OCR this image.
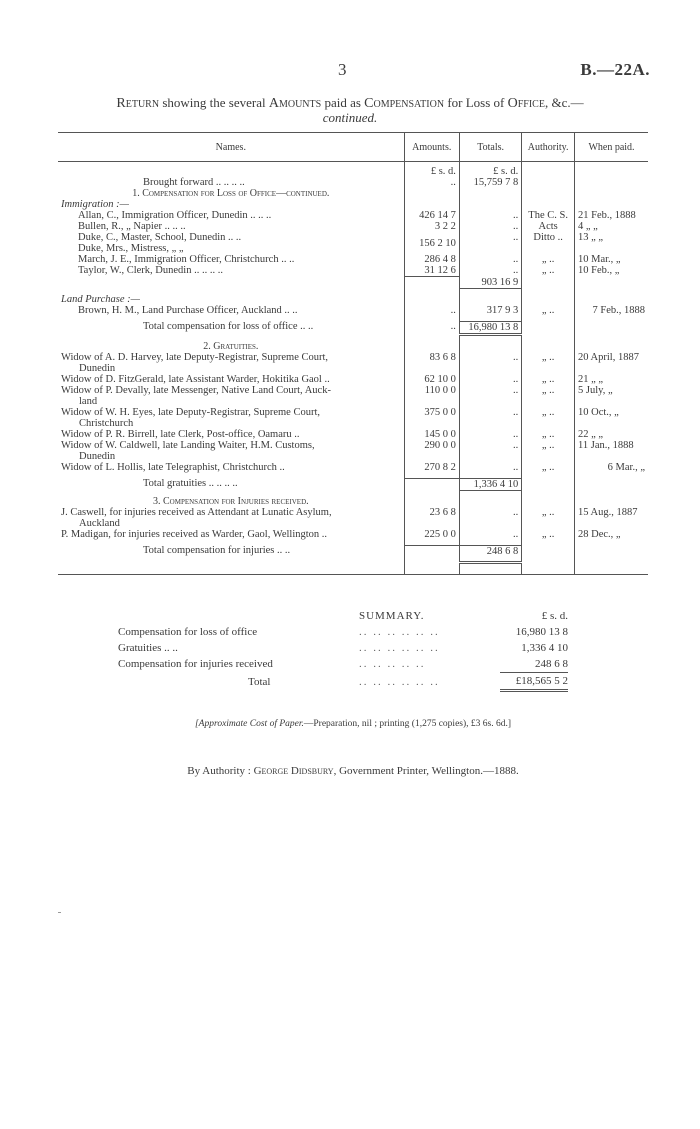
3	B.—22A.
Return showing the several Amounts paid as Compensation for Loss of Office, &c.—
continued.
Names.	Amounts.	Totals.	Authority.	When paid.
	£ s. d.	£ s. d.		
Brought forward .. .. .. ..	..	15,759 7 8		
1. Compensation for Loss of Office—continued.				
Immigration :—				
Allan, C., Immigration Officer, Dunedin .. .. ..	426 14 7	..	The C. S.	21 Feb., 1888
Bullen, R., „ Napier .. .. ..	3 2 2	..	Acts	4 „ „
Duke, C., Master, School, Dunedin .. ..	156 2 10	..	Ditto ..	13 „ „
Duke, Mrs., Mistress, „ „				
March, J. E., Immigration Officer, Christchurch .. ..	286 4 8	..	„ ..	10 Mar., „
Taylor, W., Clerk, Dunedin .. .. .. ..	31 12 6	..	„ ..	10 Feb., „
		903 16 9		

Land Purchase :—				
Brown, H. M., Land Purchase Officer, Auckland .. ..	..	317 9 3	„ ..	7 Feb., 1888

Total compensation for loss of office .. ..	..	16,980 13 8		

2. Gratuities.				
Widow of A. D. Harvey, late Deputy-Registrar, Supreme Court,
Dunedin	83 6 8	..	„ ..	20 April, 1887
Widow of D. FitzGerald, late Assistant Warder, Hokitika Gaol ..	62 10 0	..	„ ..	21 „ „
Widow of P. Devally, late Messenger, Native Land Court, Auck-
land	110 0 0	..	„ ..	5 July, „
Widow of W. H. Eyes, late Deputy-Registrar, Supreme Court,
Christchurch	375 0 0	..	„ ..	10 Oct., „
Widow of P. R. Birrell, late Clerk, Post-office, Oamaru ..	145 0 0	..	„ ..	22 „ „
Widow of W. Caldwell, late Landing Waiter, H.M. Customs,
Dunedin	290 0 0	..	„ ..	11 Jan., 1888
Widow of L. Hollis, late Telegraphist, Christchurch ..	270 8 2	..	„ ..	6 Mar., „

Total gratuities .. .. .. ..		1,336 4 10		

3. Compensation for Injuries received.				
J. Caswell, for injuries received as Attendant at Lunatic Asylum,
Auckland	23 6 8	..	„ ..	15 Aug., 1887
P. Madigan, for injuries received as Warder, Gaol, Wellington ..	225 0 0	..	„ ..	28 Dec., „

Total compensation for injuries .. ..		248 6 8		

	SUMMARY.	£ s. d.
Compensation for loss of office	.. .. .. .. .. ..	16,980 13 8
Gratuities .. ..	.. .. .. .. .. ..	1,336 4 10
Compensation for injuries received	.. .. .. .. ..	248 6 8
Total	.. .. .. .. .. ..	£18,565 5 2
[Approximate Cost of Paper.—Preparation, nil ; printing (1,275 copies), £3 6s. 6d.]
By Authority : George Didsbury, Government Printer, Wellington.—1888.
